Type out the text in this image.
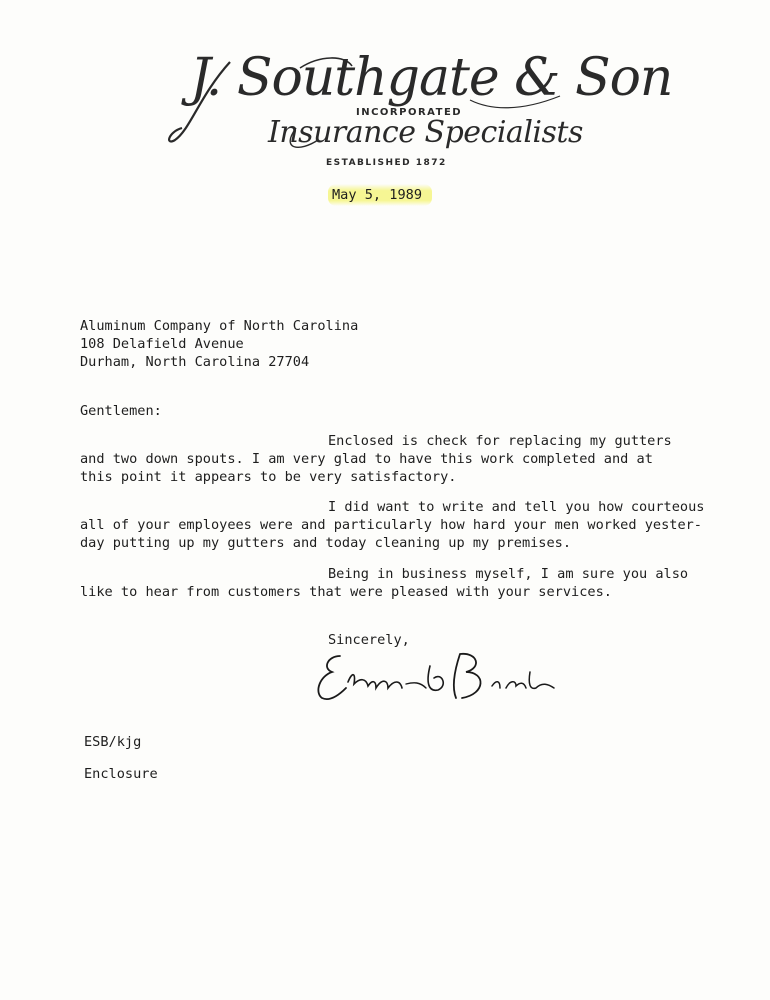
J. Southgate & Son
INCORPORATED
Insurance Specialists
ESTABLISHED 1872
May 5, 1989
Aluminum Company of North Carolina
108 Delafield Avenue
Durham, North Carolina 27704
Gentlemen:
Enclosed is check for replacing my gutters
and two down spouts. I am very glad to have this work completed and at
this point it appears to be very satisfactory.
I did want to write and tell you how courteous
all of your employees were and particularly how hard your men worked yester-
day putting up my gutters and today cleaning up my premises.
Being in business myself, I am sure you also
like to hear from customers that were pleased with your services.
Sincerely,
ESB/kjg
Enclosure
